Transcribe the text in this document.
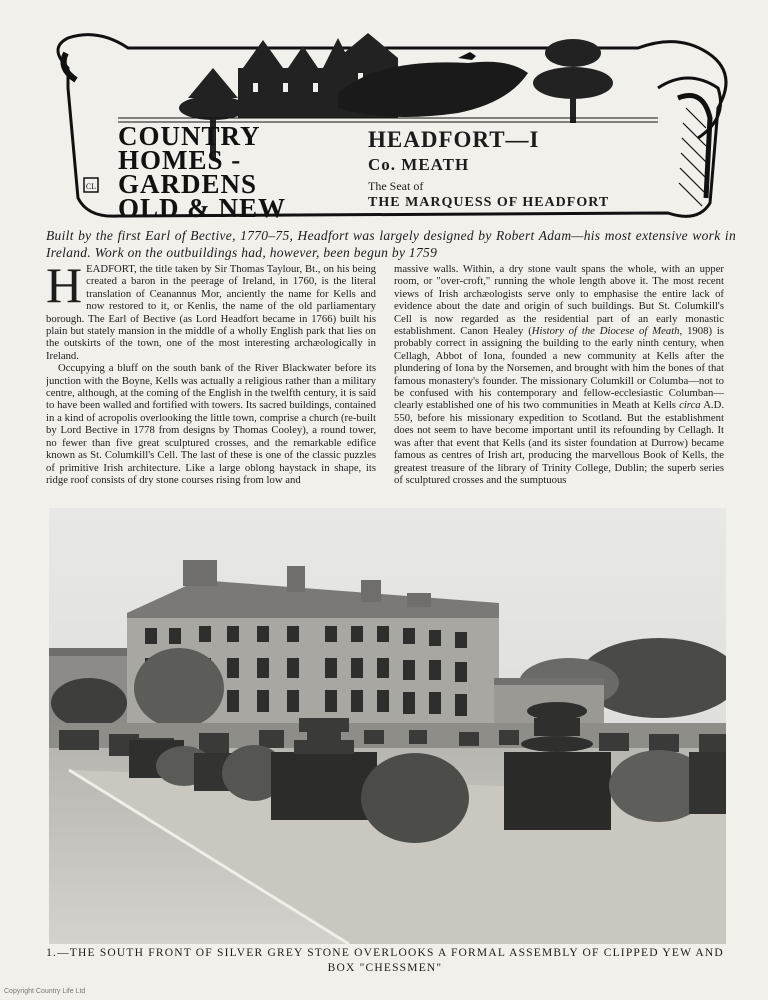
CL
COUNTRY
HOMES -
GARDENS
OLD & NEW
HEADFORT—I
Co. MEATH
The Seat of
THE MARQUESS OF HEADFORT
Built by the first Earl of Bective, 1770–75, Headfort was largely designed by Robert Adam—his most extensive work in Ireland. Work on the outbuildings had, however, been begun by 1759

HEADFORT, the title taken by Sir Thomas Taylour, Bt., on his being created a baron in the peerage of Ireland, in 1760, is the literal translation of Ceanannus Mor, anciently the name for Kells and now restored to it, or Kenlis, the name of the old parliamentary borough. The Earl of Bective (as Lord Headfort became in 1766) built his plain but stately mansion in the middle of a wholly English park that lies on the outskirts of the town, one of the most interesting archæologically in Ireland.

Occupying a bluff on the south bank of the River Blackwater before its junction with the Boyne, Kells was actually a religious rather than a military centre, although, at the coming of the English in the twelfth century, it is said to have been walled and fortified with towers. Its sacred buildings, contained in a kind of acropolis overlooking the little town, comprise a church (re-built by Lord Bective in 1778 from designs by Thomas Cooley), a round tower, no fewer than five great sculptured crosses, and the remarkable edifice known as St. Columkill's Cell. The last of these is one of the classic puzzles of primitive Irish architecture. Like a large oblong haystack in shape, its ridge roof consists of dry stone courses rising from low and

massive walls. Within, a dry stone vault spans the whole, with an upper room, or "over-croft," running the whole length above it. The most recent views of Irish archæologists serve only to emphasise the entire lack of evidence about the date and origin of such buildings. But St. Columkill's Cell is now regarded as the residential part of an early monastic establishment. Canon Healey (History of the Diocese of Meath, 1908) is probably correct in assigning the building to the early ninth century, when Cellagh, Abbot of Iona, founded a new community at Kells after the plundering of Iona by the Norsemen, and brought with him the bones of that famous monastery's founder. The missionary Columkill or Columba—not to be confused with his contemporary and fellow-ecclesiastic Columban—clearly established one of his two communities in Meath at Kells circa A.D. 550, before his missionary expedition to Scotland. But the establishment does not seem to have become important until its refounding by Cellagh. It was after that event that Kells (and its sister foundation at Durrow) became famous as centres of Irish art, producing the marvellous Book of Kells, the greatest treasure of the library of Trinity College, Dublin; the superb series of sculptured crosses and the sumptuous

1.—THE SOUTH FRONT OF SILVER GREY STONE OVERLOOKS A FORMAL ASSEMBLY OF CLIPPED YEW AND BOX "CHESSMEN"
Copyright Country Life Ltd
